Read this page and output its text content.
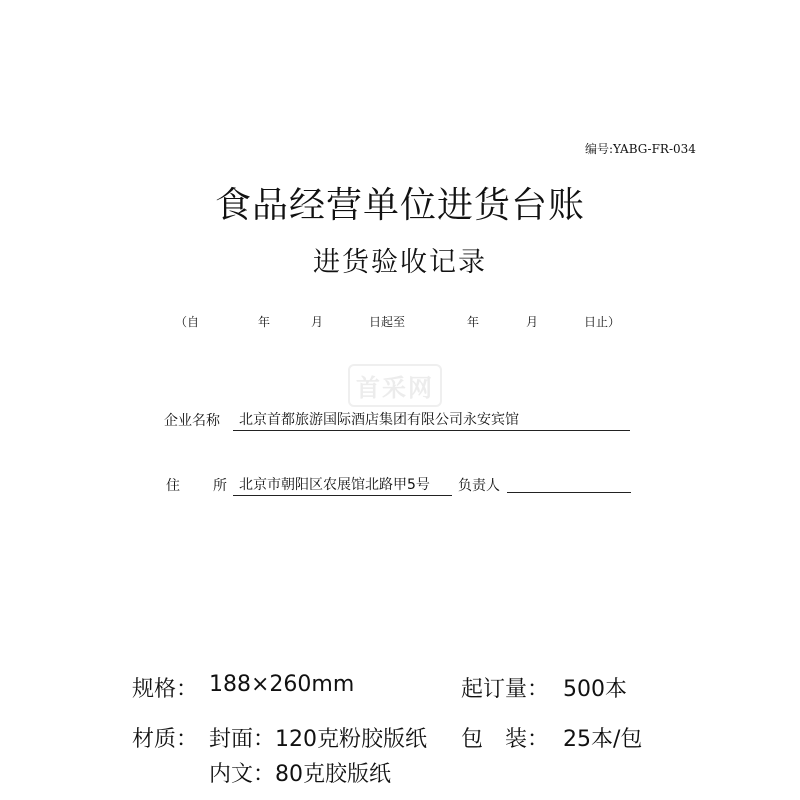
编号:YABG-FR-034
食品经营单位进货台账
进货验收记录
（自	年	月	日起至	年	月	日止）
首采网
企业名称	北京首都旅游国际酒店集团有限公司永安宾馆
住 所 北京市朝阳区农展馆北路甲5号	负责人
规格： 188×260mm	起订量： 500本
材质： 封面：120克粉胶版纸 包　装： 25本/包
内文：80克胶版纸
